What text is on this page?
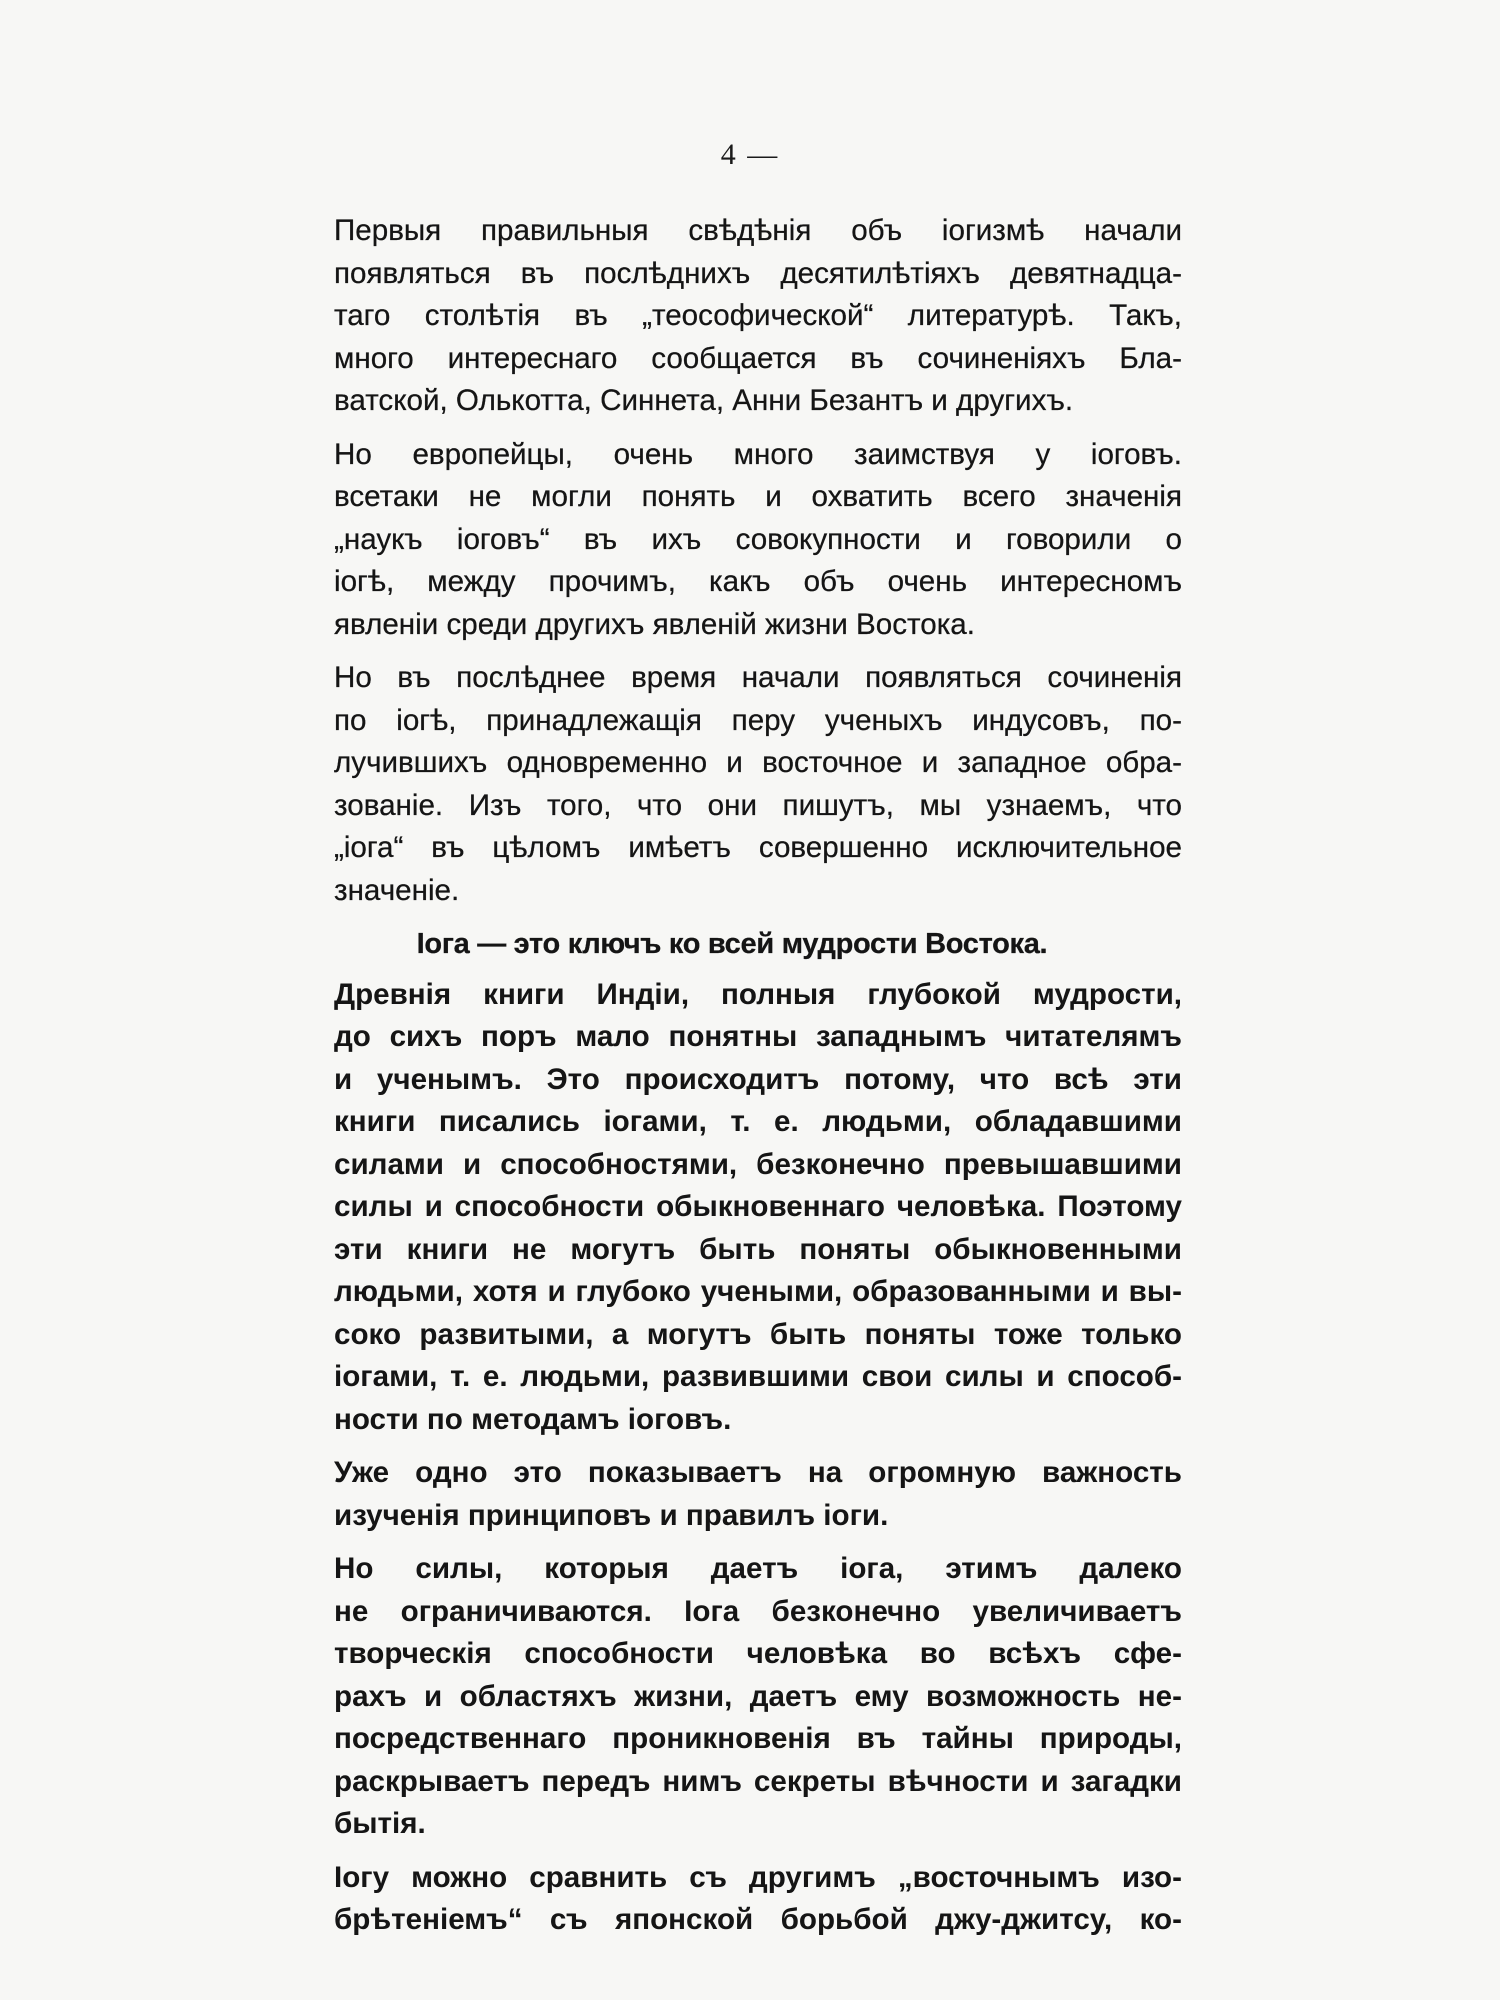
4 —
Первыя правильныя свѣдѣнія объ іогизмѣ начали
появляться въ послѣднихъ десятилѣтіяхъ девятнадца-
таго столѣтія въ „теософической“ литературѣ. Такъ,
много интереснаго сообщается въ сочиненіяхъ Бла-
ватской, Олькотта, Синнета, Анни Безантъ и другихъ.
Но европейцы, очень много заимствуя у іоговъ.
всетаки не могли понять и охватить всего значенія
„наукъ іоговъ“ въ ихъ совокупности и говорили о
іогѣ, между прочимъ, какъ объ очень интересномъ
явленіи среди другихъ явленій жизни Востока.
Но въ послѣднее время начали появляться сочиненія
по іогѣ, принадлежащія перу ученыхъ индусовъ, по-
лучившихъ одновременно и восточное и западное обра-
зованіе. Изъ того, что они пишутъ, мы узнаемъ, что
„іога“ въ цѣломъ имѣетъ совершенно исключительное
значеніе.
Іога — это ключъ ко всей мудрости Востока.
Древнія книги Индіи, полныя глубокой мудрости,
до сихъ поръ мало понятны западнымъ читателямъ
и ученымъ. Это происходитъ потому, что всѣ эти
книги писались іогами, т. е. людьми, обладавшими
силами и способностями, безконечно превышавшими
силы и способности обыкновеннаго человѣка. Поэтому
эти книги не могутъ быть поняты обыкновенными
людьми, хотя и глубоко учеными, образованными и вы-
соко развитыми, а могутъ быть поняты тоже только
іогами, т. е. людьми, развившими свои силы и способ-
ности по методамъ іоговъ.
Уже одно это показываетъ на огромную важность
изученія принциповъ и правилъ іоги.
Но силы, которыя даетъ іога, этимъ далеко
не ограничиваются. Іога безконечно увеличиваетъ
творческія способности человѣка во всѣхъ сфе-
рахъ и областяхъ жизни, даетъ ему возможность не-
посредственнаго проникновенія въ тайны природы,
раскрываетъ передъ нимъ секреты вѣчности и загадки
бытія.
Іогу можно сравнить съ другимъ „восточнымъ изо-
брѣтеніемъ“ съ японской борьбой джу-джитсу, ко-
